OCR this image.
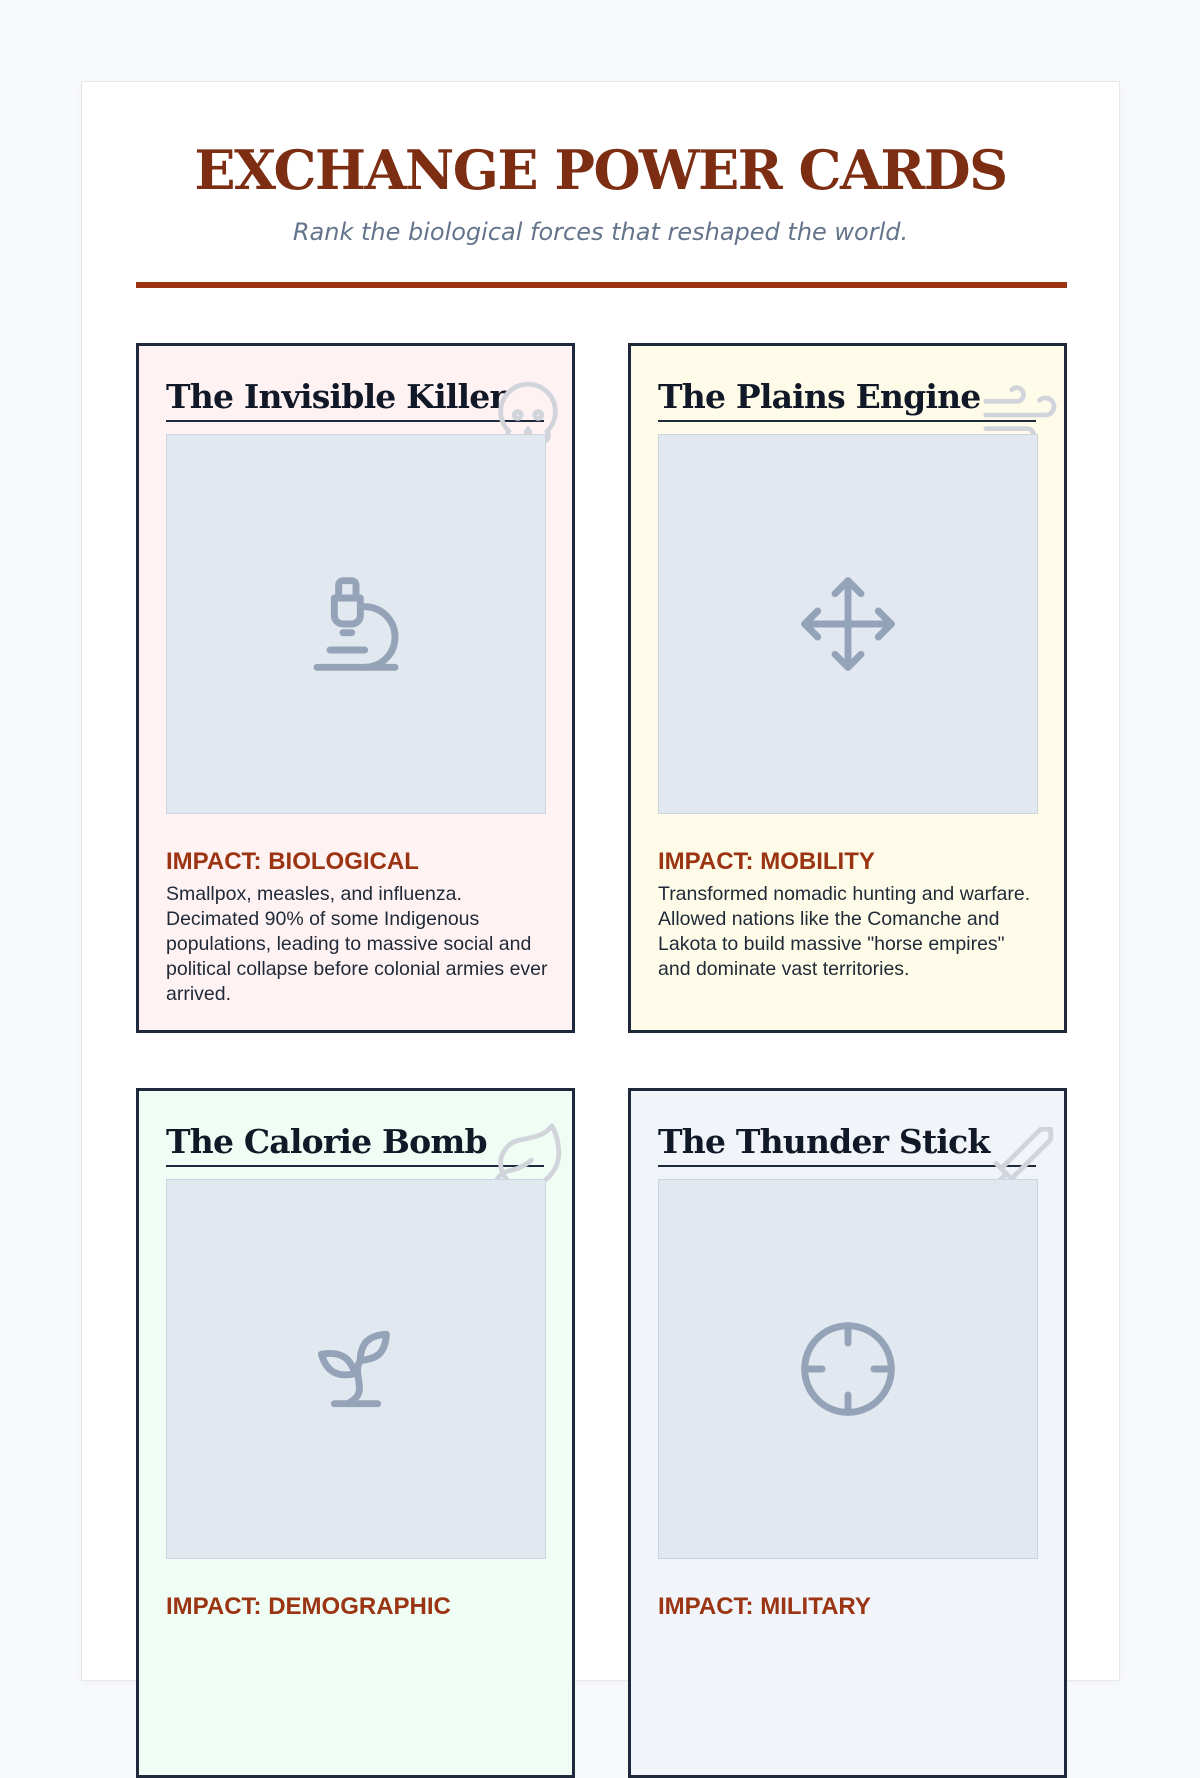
EXCHANGE POWER CARDS

Rank the biological forces that reshaped the world.

The Invisible Killer
IMPACT: BIOLOGICAL

Smallpox, measles, and influenza. Decimated 90% of some Indigenous populations, leading to massive social and political collapse before colonial armies ever arrived.

The Plains Engine
IMPACT: MOBILITY

Transformed nomadic hunting and warfare. Allowed nations like the Comanche and Lakota to build massive "horse empires" and dominate vast territories.

The Calorie Bomb
IMPACT: DEMOGRAPHIC

The Thunder Stick
IMPACT: MILITARY
